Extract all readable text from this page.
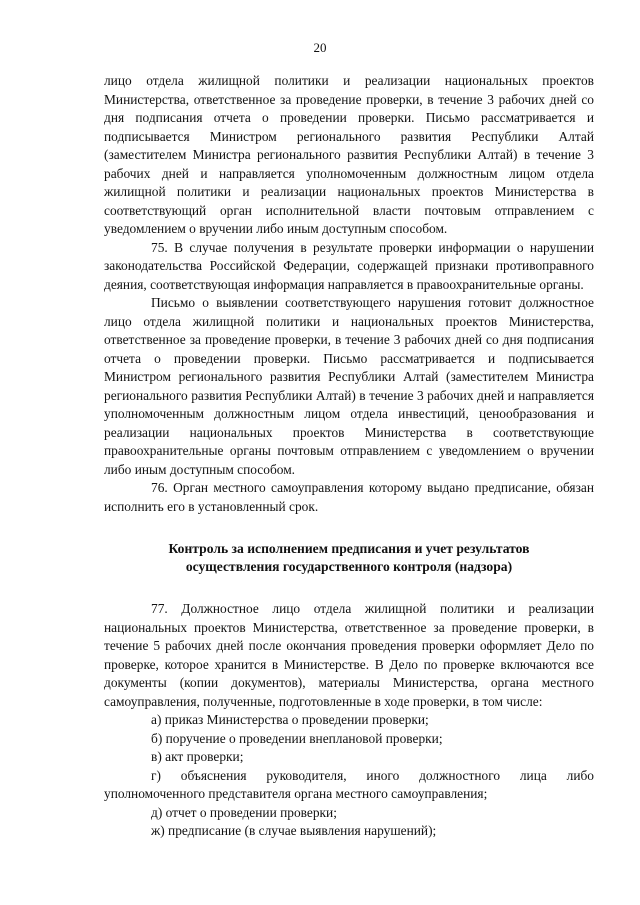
20

лицо отдела жилищной политики и реализации национальных проектов Министерства, ответственное за проведение проверки, в течение 3 рабочих дней со дня подписания отчета о проведении проверки. Письмо рассматривается и подписывается Министром регионального развития Республики Алтай (заместителем Министра регионального развития Республики Алтай) в течение 3 рабочих дней и направляется уполномоченным должностным лицом отдела жилищной политики и реализации национальных проектов Министерства в соответствующий орган исполнительной власти почтовым отправлением с уведомлением о вручении либо иным доступным способом.

75. В случае получения в результате проверки информации о нарушении законодательства Российской Федерации, содержащей признаки противоправного деяния, соответствующая информация направляется в правоохранительные органы.

Письмо о выявлении соответствующего нарушения готовит должностное лицо отдела жилищной политики и национальных проектов Министерства, ответственное за проведение проверки, в течение 3 рабочих дней со дня подписания отчета о проведении проверки. Письмо рассматривается и подписывается Министром регионального развития Республики Алтай (заместителем Министра регионального развития Республики Алтай) в течение 3 рабочих дней и направляется уполномоченным должностным лицом отдела инвестиций, ценообразования и реализации национальных проектов Министерства в соответствующие правоохранительные органы почтовым отправлением с уведомлением о вручении либо иным доступным способом.

76. Орган местного самоуправления которому выдано предписание, обязан исполнить его в установленный срок.

Контроль за исполнением предписания и учет результатов
осуществления государственного контроля (надзора)

77. Должностное лицо отдела жилищной политики и реализации национальных проектов Министерства, ответственное за проведение проверки, в течение 5 рабочих дней после окончания проведения проверки оформляет Дело по проверке, которое хранится в Министерстве. В Дело по проверке включаются все документы (копии документов), материалы Министерства, органа местного самоуправления, полученные, подготовленные в ходе проверки, в том числе:

а) приказ Министерства о проведении проверки;

б) поручение о проведении внеплановой проверки;

в) акт проверки;

г) объяснения руководителя, иного должностного лица либо уполномоченного представителя органа местного самоуправления;

д) отчет о проведении проверки;

ж) предписание (в случае выявления нарушений);
